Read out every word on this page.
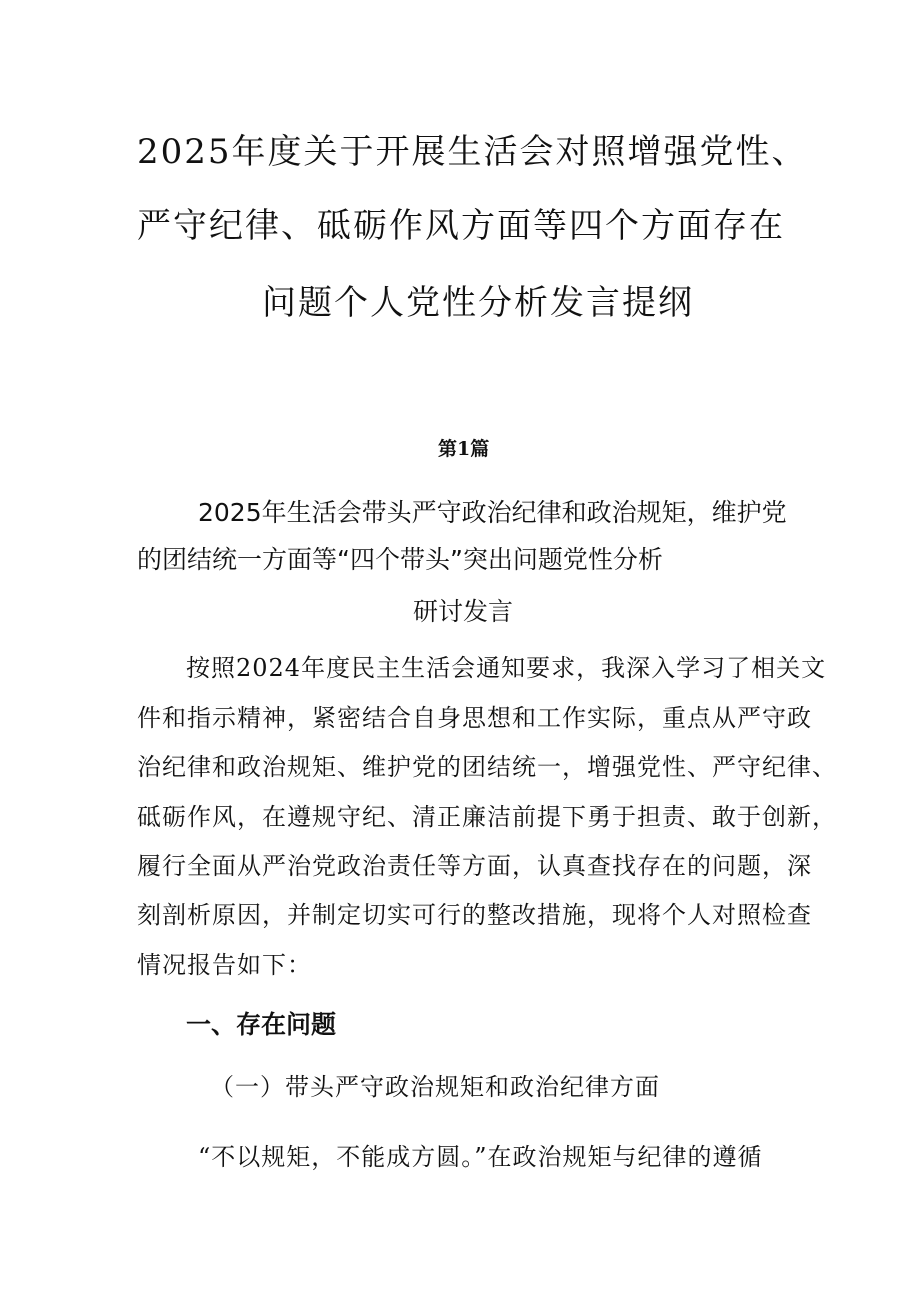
2025年度关于开展生活会对照增强党性、
严守纪律、砥砺作风方面等四个方面存在
问题个人党性分析发言提纲
第1篇
2025年生活会带头严守政治纪律和政治规矩，维护党
的团结统一方面等“四个带头”突出问题党性分析
研讨发言
按照2024年度民主生活会通知要求，我深入学习了相关文
件和指示精神，紧密结合自身思想和工作实际，重点从严守政
治纪律和政治规矩、维护党的团结统一，增强党性、严守纪律、
砥砺作风，在遵规守纪、清正廉洁前提下勇于担责、敢于创新，
履行全面从严治党政治责任等方面，认真查找存在的问题，深
刻剖析原因，并制定切实可行的整改措施，现将个人对照检查
情况报告如下：
一、存在问题
（一）带头严守政治规矩和政治纪律方面
“不以规矩，不能成方圆。”在政治规矩与纪律的遵循
